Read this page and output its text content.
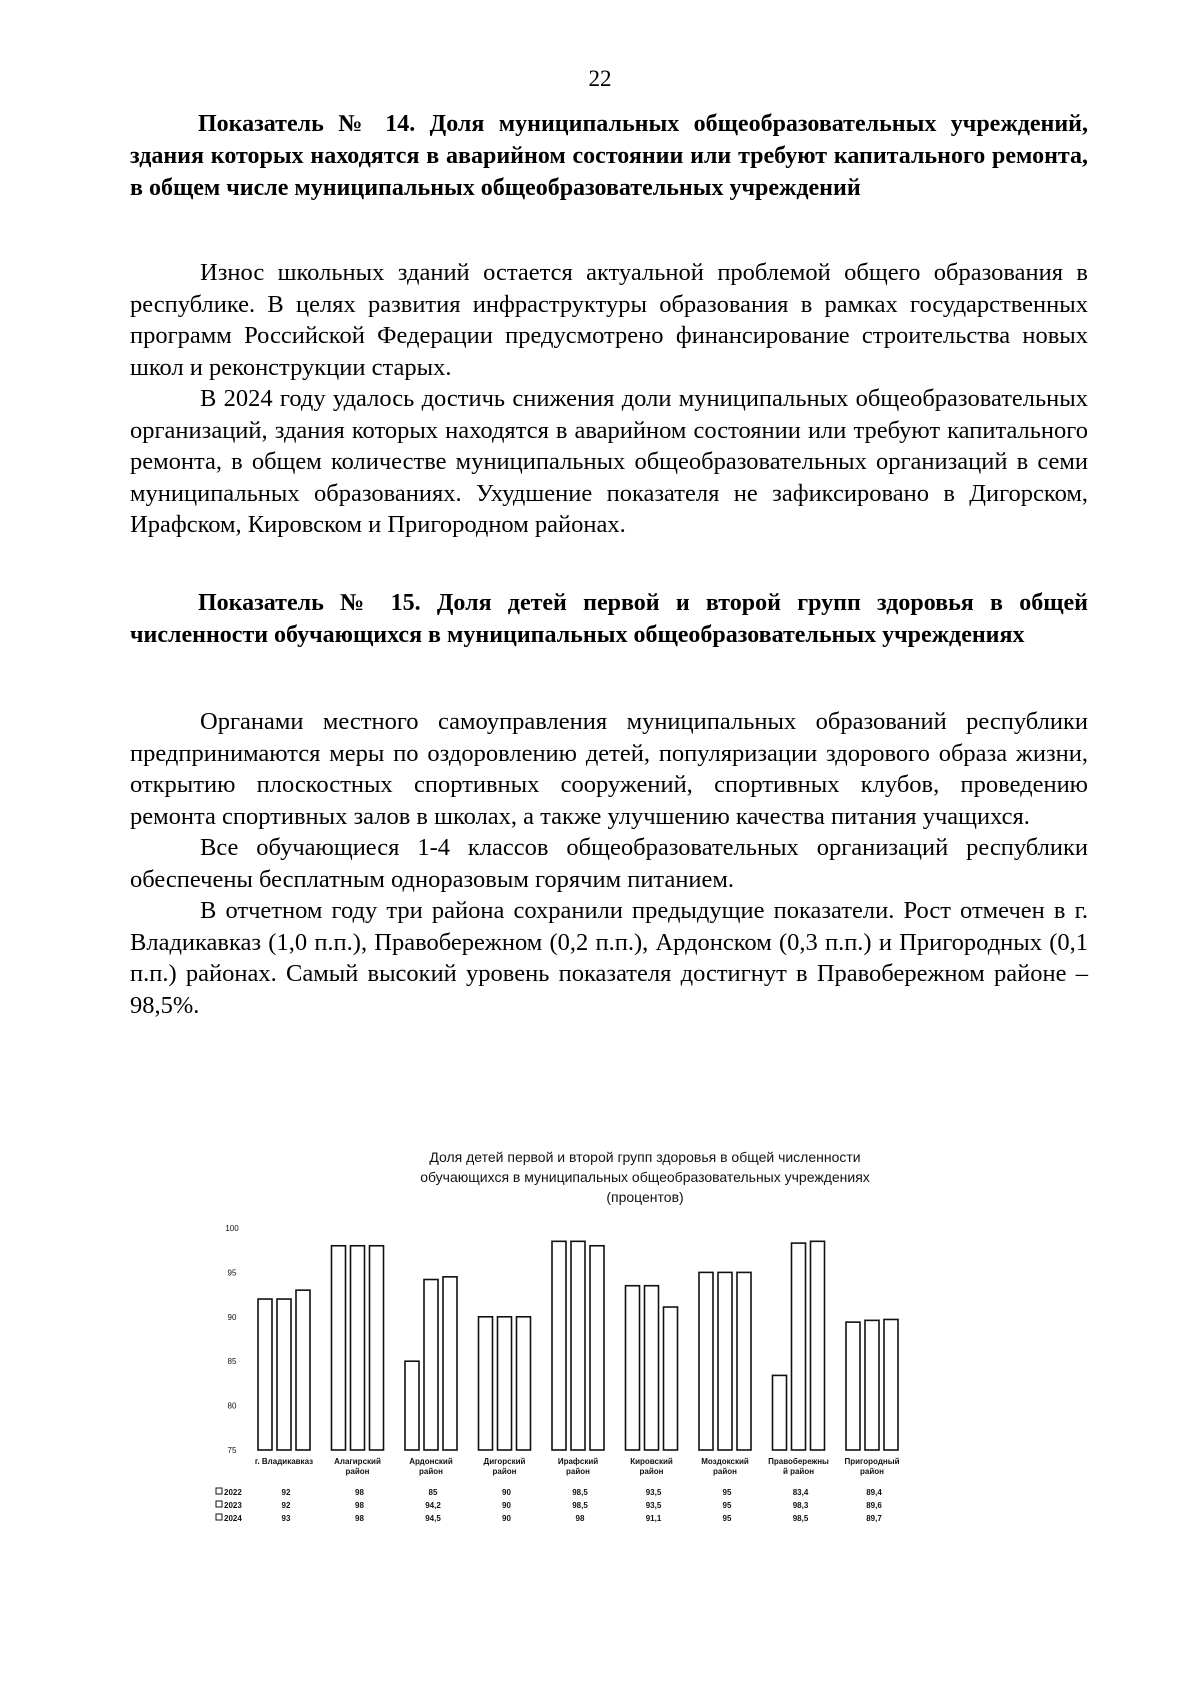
22
Показатель № 14. Доля муниципальных общеобразовательных учреждений, здания которых находятся в аварийном состоянии или требуют капитального ремонта, в общем числе муниципальных общеобразовательных учреждений

Износ школьных зданий остается актуальной проблемой общего образования в республике. В целях развития инфраструктуры образования в рамках государственных программ Российской Федерации предусмотрено финансирование строительства новых школ и реконструкции старых.

В 2024 году удалось достичь снижения доли муниципальных общеобразовательных организаций, здания которых находятся в аварийном состоянии или требуют капитального ремонта, в общем количестве муниципальных общеобразовательных организаций в семи муниципальных образованиях. Ухудшение показателя не зафиксировано в Дигорском, Ирафском, Кировском и Пригородном районах.

Показатель № 15. Доля детей первой и второй групп здоровья в общей численности обучающихся в муниципальных общеобразовательных учреждениях

Органами местного самоуправления муниципальных образований республики предпринимаются меры по оздоровлению детей, популяризации здорового образа жизни, открытию плоскостных спортивных сооружений, спортивных клубов, проведению ремонта спортивных залов в школах, а также улучшению качества питания учащихся.

Все обучающиеся 1-4 классов общеобразовательных организаций республики обеспечены бесплатным одноразовым горячим питанием.

В отчетном году три района сохранили предыдущие показатели. Рост отмечен в г. Владикавказ (1,0 п.п.), Правобережном (0,2 п.п.), Ардонском (0,3 п.п.) и Пригородных (0,1 п.п.) районах. Самый высокий уровень показателя достигнут в Правобережном районе – 98,5%.

Доля детей первой и второй групп здоровья в общей численности
обучающихся в муниципальных общеобразовательных учреждениях
(процентов)
100
95
90
85
80
75
г. Владикавказ	Алагирский
район
Ардонский
район
Дигорский
район
Ирафский
район
Кировский
район
Моздокский
район
Правобережны
й район
Пригородный
район
2022	92	98	85	90	98,5	93,5	95	83,4	89,4
2023	92	98	94,2	90	98,5	93,5	95	98,3	89,6
2024	93	98	94,5	90	98	91,1	95	98,5	89,7
